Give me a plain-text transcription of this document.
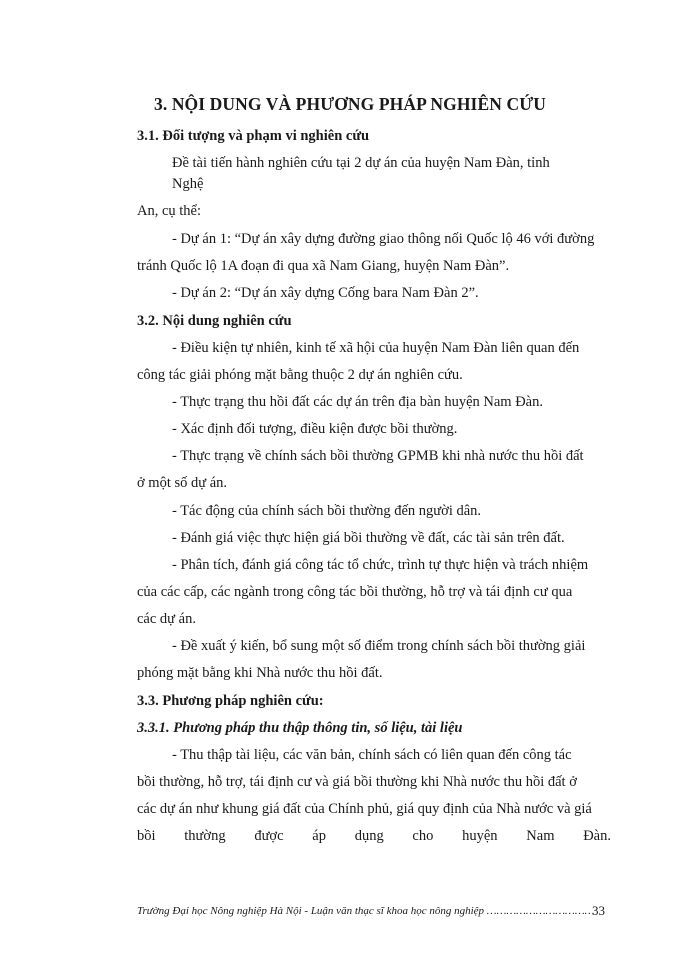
3. NỘI DUNG VÀ PHƯƠNG PHÁP NGHIÊN CỨU
3.1. Đối tượng và phạm vi nghiên cứu
Đề tài tiến hành nghiên cứu tại 2 dự án của huyện Nam Đàn, tỉnh
Nghệ
An, cụ thể:
- Dự án 1: “Dự án xây dựng đường giao thông nối Quốc lộ 46 với đường
tránh Quốc lộ 1A đoạn đi qua xã Nam Giang, huyện Nam Đàn”.
- Dự án 2: “Dự án xây dựng Cống bara Nam Đàn 2”.
3.2. Nội dung nghiên cứu
- Điều kiện tự nhiên, kinh tế xã hội của huyện Nam Đàn liên quan đến
công tác giải phóng mặt bằng thuộc 2 dự án nghiên cứu.
- Thực trạng thu hồi đất các dự án trên địa bàn huyện Nam Đàn.
- Xác định đối tượng, điều kiện được bồi thường.
- Thực trạng về chính sách bồi thường GPMB khi nhà nước thu hồi đất
ở một số dự án.
- Tác động của chính sách bồi thường đến người dân.
- Đánh giá việc thực hiện giá bồi thường về đất, các tài sản trên đất.
- Phân tích, đánh giá công tác tổ chức, trình tự thực hiện và trách nhiệm
của các cấp, các ngành trong công tác bồi thường, hỗ trợ và tái định cư qua
các dự án.
- Đề xuất ý kiến, bổ sung một số điểm trong chính sách bồi thường giải
phóng mặt bằng khi Nhà nước thu hồi đất.
3.3. Phương pháp nghiên cứu:
3.3.1. Phương pháp thu thập thông tin, số liệu, tài liệu
- Thu thập tài liệu, các văn bản, chính sách có liên quan đến công tác
bồi thường, hỗ trợ, tái định cư và giá bồi thường khi Nhà nước thu hồi đất ở
các dự án như khung giá đất của Chính phủ, giá quy định của Nhà nước và giá
bồi thường được áp dụng cho huyện Nam Đàn.
Trường Đại học Nông nghiệp Hà Nội - Luận văn thạc sĩ khoa học nông nghiệp ……………………………
33
